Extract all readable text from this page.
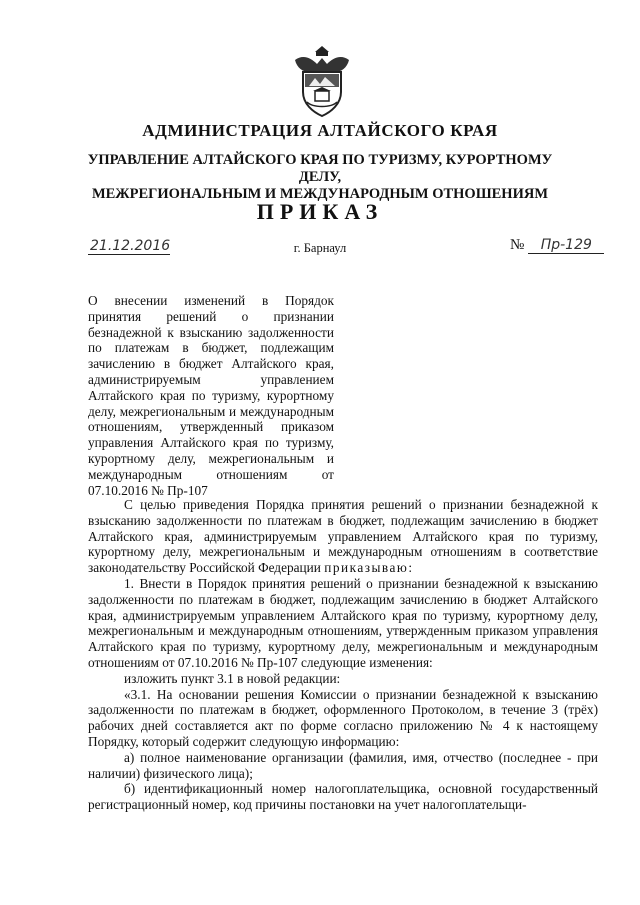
АДМИНИСТРАЦИЯ АЛТАЙСКОГО КРАЯ
УПРАВЛЕНИЕ АЛТАЙСКОГО КРАЯ ПО ТУРИЗМУ, КУРОРТНОМУ ДЕЛУ,
МЕЖРЕГИОНАЛЬНЫМ И МЕЖДУНАРОДНЫМ ОТНОШЕНИЯМ
ПРИКАЗ
21.12.2016	г. Барнаул	№ Пр-129
О внесении изменений в Порядок принятия решений о признании безнадежной к взысканию задолженности по платежам в бюджет, подлежащим зачислению в бюджет Алтайского края, администрируемым управлением Алтайского края по туризму, курортному делу, межрегиональным и международным отношениям, утвержденный приказом управления Алтайского края по туризму, курортному делу, межрегиональным и международным отношениям от 07.10.2016 № Пр-107

С целью приведения Порядка принятия решений о признании безнадежной к взысканию задолженности по платежам в бюджет, подлежащим зачислению в бюджет Алтайского края, администрируемым управлением Алтайского края по туризму, курортному делу, межрегиональным и международным отношениям в соответствие законодательству Российской Федерации приказываю:

1. Внести в Порядок принятия решений о признании безнадежной к взысканию задолженности по платежам в бюджет, подлежащим зачислению в бюджет Алтайского края, администрируемым управлением Алтайского края по туризму, курортному делу, межрегиональным и международным отношениям, утвержденным приказом управления Алтайского края по туризму, курортному делу, межрегиональным и международным отношениям от 07.10.2016 № Пр-107 следующие изменения:

изложить пункт 3.1 в новой редакции:

«3.1. На основании решения Комиссии о признании безнадежной к взысканию задолженности по платежам в бюджет, оформленного Протоколом, в течение 3 (трёх) рабочих дней составляется акт по форме согласно приложению № 4 к настоящему Порядку, который содержит следующую информацию:

а) полное наименование организации (фамилия, имя, отчество (последнее - при наличии) физического лица);

б) идентификационный номер налогоплательщика, основной государственный регистрационный номер, код причины постановки на учет налогоплательщи-
